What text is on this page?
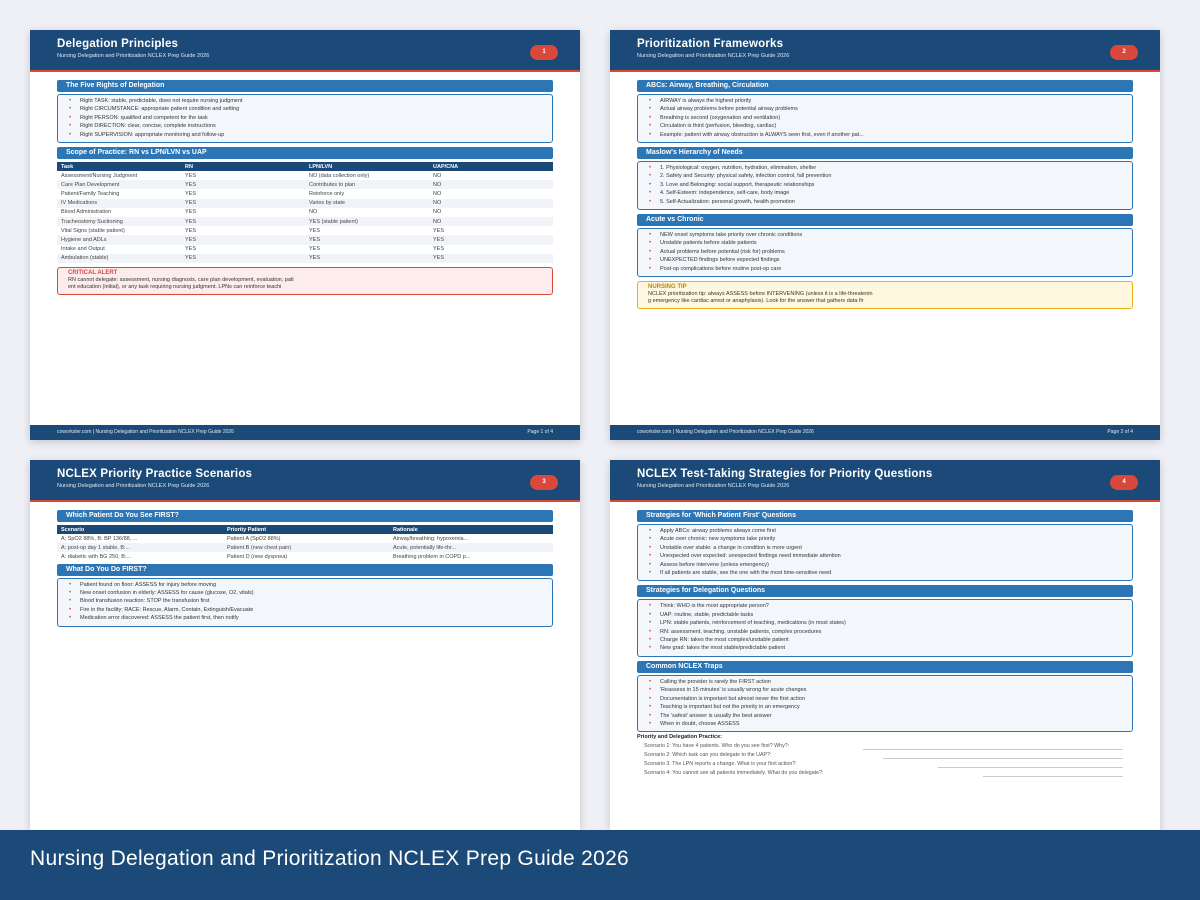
Delegation Principles
Nursing Delegation and Prioritization NCLEX Prep Guide 2026
1
The Five Rights of Delegation
• Right TASK: stable, predictable, does not require nursing judgment
• Right CIRCUMSTANCE: appropriate patient condition and setting
• Right PERSON: qualified and competent for the task
• Right DIRECTION: clear, concise, complete instructions
• Right SUPERVISION: appropriate monitoring and follow-up
Scope of Practice: RN vs LPN/LVN vs UAP
Task	RN	LPN/LVN	UAP/CNA
Assessment/Nursing Judgment	YES	NO (data collection only)	NO
Care Plan Development	YES	Contributes to plan	NO
Patient/Family Teaching	YES	Reinforce only	NO
IV Medications	YES	Varies by state	NO
Blood Administration	YES	NO	NO
Tracheostomy Suctioning	YES	YES (stable patient)	NO
Vital Signs (stable patient)	YES	YES	YES
Hygiene and ADLs	YES	YES	YES
Intake and Output	YES	YES	YES
Ambulation (stable)	YES	YES	YES
CRITICAL ALERT
RN cannot delegate: assessment, nursing diagnosis, care plan development, evaluation, pati
ent education (initial), or any task requiring nursing judgment. LPNs can reinforce teachi
coworksler.com | Nursing Delegation and Prioritization NCLEX Prep Guide 2026	Page 1 of 4
Prioritization Frameworks
Nursing Delegation and Prioritization NCLEX Prep Guide 2026
2
ABCs: Airway, Breathing, Circulation
• AIRWAY is always the highest priority
• Actual airway problems before potential airway problems
• Breathing is second (oxygenation and ventilation)
• Circulation is third (perfusion, bleeding, cardiac)
• Example: patient with airway obstruction is ALWAYS seen first, even if another pat...
Maslow's Hierarchy of Needs
• 1. Physiological: oxygen, nutrition, hydration, elimination, shelter
• 2. Safety and Security: physical safety, infection control, fall prevention
• 3. Love and Belonging: social support, therapeutic relationships
• 4. Self-Esteem: independence, self-care, body image
• 5. Self-Actualization: personal growth, health promotion
Acute vs Chronic
• NEW onset symptoms take priority over chronic conditions
• Unstable patients before stable patients
• Actual problems before potential (risk for) problems
• UNEXPECTED findings before expected findings
• Post-op complications before routine post-op care
NURSING TIP
NCLEX prioritization tip: always ASSESS before INTERVENING (unless it is a life-threatenin
g emergency like cardiac arrest or anaphylaxis). Look for the answer that gathers data fir
coworksler.com | Nursing Delegation and Prioritization NCLEX Prep Guide 2026	Page 2 of 4
NCLEX Priority Practice Scenarios
Nursing Delegation and Prioritization NCLEX Prep Guide 2026
3
Which Patient Do You See FIRST?
Scenario	Priority Patient	Rationale
A: SpO2 88%, B: BP 136/88, ...	Patient A (SpO2 88%)	Airway/breathing: hypoxemia...
A: post-op day 1 stable, B:...	Patient B (new chest pain)	Acute, potentially life-thr...
A: diabetic with BG 250, B:...	Patient D (new dyspnea)	Breathing problem in COPD p...
What Do You Do FIRST?
• Patient found on floor: ASSESS for injury before moving
• New onset confusion in elderly: ASSESS for cause (glucose, O2, vitals)
• Blood transfusion reaction: STOP the transfusion first
• Fire in the facility: RACE: Rescue, Alarm, Contain, Extinguish/Evacuate
• Medication error discovered: ASSESS the patient first, then notify
NCLEX Test-Taking Strategies for Priority Questions
Nursing Delegation and Prioritization NCLEX Prep Guide 2026
4
Strategies for 'Which Patient First' Questions
• Apply ABCs: airway problems always come first
• Acute over chronic: new symptoms take priority
• Unstable over stable: a change in condition is more urgent
• Unexpected over expected: unexpected findings need immediate attention
• Assess before intervene (unless emergency)
• If all patients are stable, see the one with the most time-sensitive need
Strategies for Delegation Questions
• Think: WHO is the most appropriate person?
• UAP: routine, stable, predictable tasks
• LPN: stable patients, reinforcement of teaching, medications (in most states)
• RN: assessment, teaching, unstable patients, complex procedures
• Charge RN: takes the most complex/unstable patient
• New grad: takes the most stable/predictable patient
Common NCLEX Traps
• Calling the provider is rarely the FIRST action
• 'Reassess in 15 minutes' is usually wrong for acute changes
• Documentation is important but almost never the first action
• Teaching is important but not the priority in an emergency
• The 'safest' answer is usually the best answer
• When in doubt, choose ASSESS
Priority and Delegation Practice:
Scenario 1: You have 4 patients. Who do you see first? Why?:
Scenario 2: Which task can you delegate to the UAP?:
Scenario 3: The LPN reports a change. What is your first action?:
Scenario 4: You cannot see all patients immediately. What do you delegate?:
Nursing Delegation and Prioritization NCLEX Prep Guide 2026
